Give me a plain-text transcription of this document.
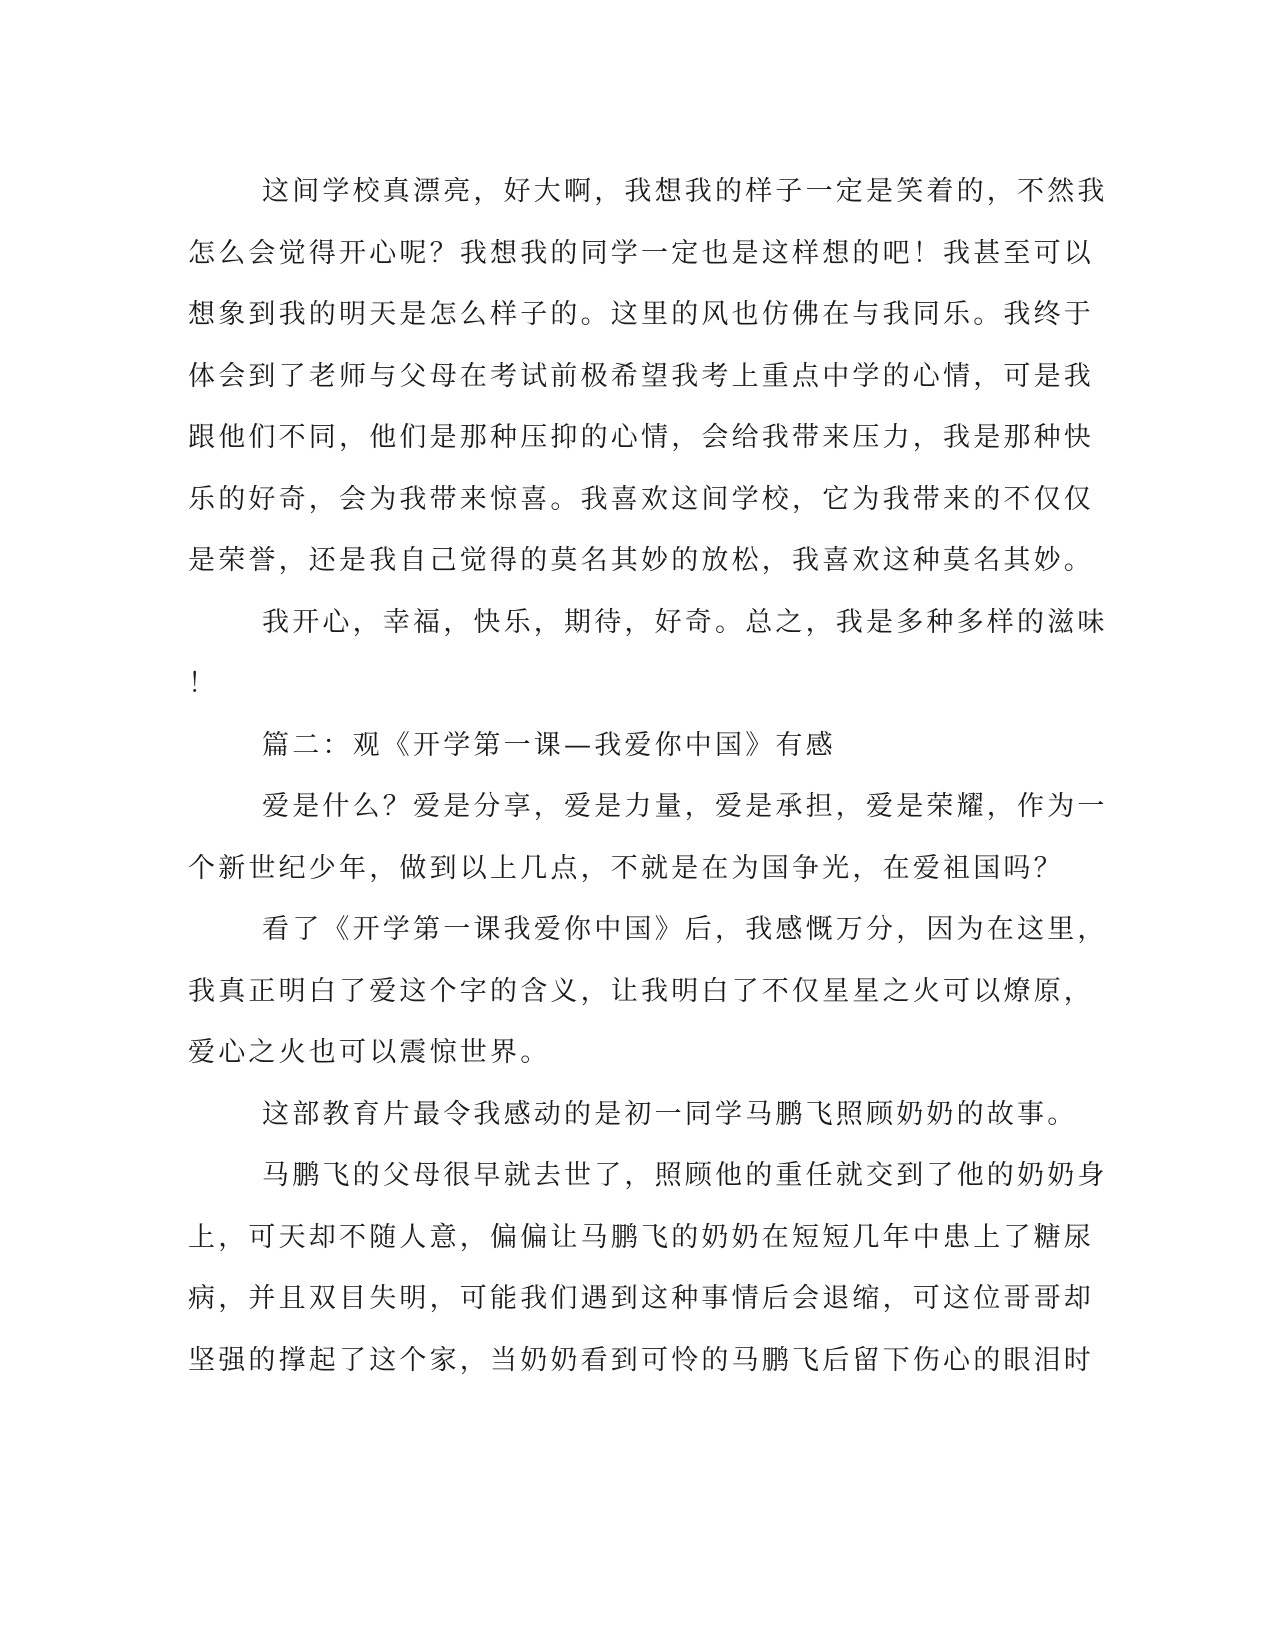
这间学校真漂亮，好大啊，我想我的样子一定是笑着的，不然我
怎么会觉得开心呢？我想我的同学一定也是这样想的吧！我甚至可以
想象到我的明天是怎么样子的。这里的风也仿佛在与我同乐。我终于
体会到了老师与父母在考试前极希望我考上重点中学的心情，可是我
跟他们不同，他们是那种压抑的心情，会给我带来压力，我是那种快
乐的好奇，会为我带来惊喜。我喜欢这间学校，它为我带来的不仅仅
是荣誉，还是我自己觉得的莫名其妙的放松，我喜欢这种莫名其妙。
我开心，幸福，快乐，期待，好奇。总之，我是多种多样的滋味
！
篇二：观《开学第一课—我爱你中国》有感
爱是什么？爱是分享，爱是力量，爱是承担，爱是荣耀，作为一
个新世纪少年，做到以上几点，不就是在为国争光，在爱祖国吗？
看了《开学第一课我爱你中国》后，我感慨万分，因为在这里，
我真正明白了爱这个字的含义，让我明白了不仅星星之火可以燎原，
爱心之火也可以震惊世界。
这部教育片最令我感动的是初一同学马鹏飞照顾奶奶的故事。
马鹏飞的父母很早就去世了，照顾他的重任就交到了他的奶奶身
上，可天却不随人意，偏偏让马鹏飞的奶奶在短短几年中患上了糖尿
病，并且双目失明，可能我们遇到这种事情后会退缩，可这位哥哥却
坚强的撑起了这个家，当奶奶看到可怜的马鹏飞后留下伤心的眼泪时
